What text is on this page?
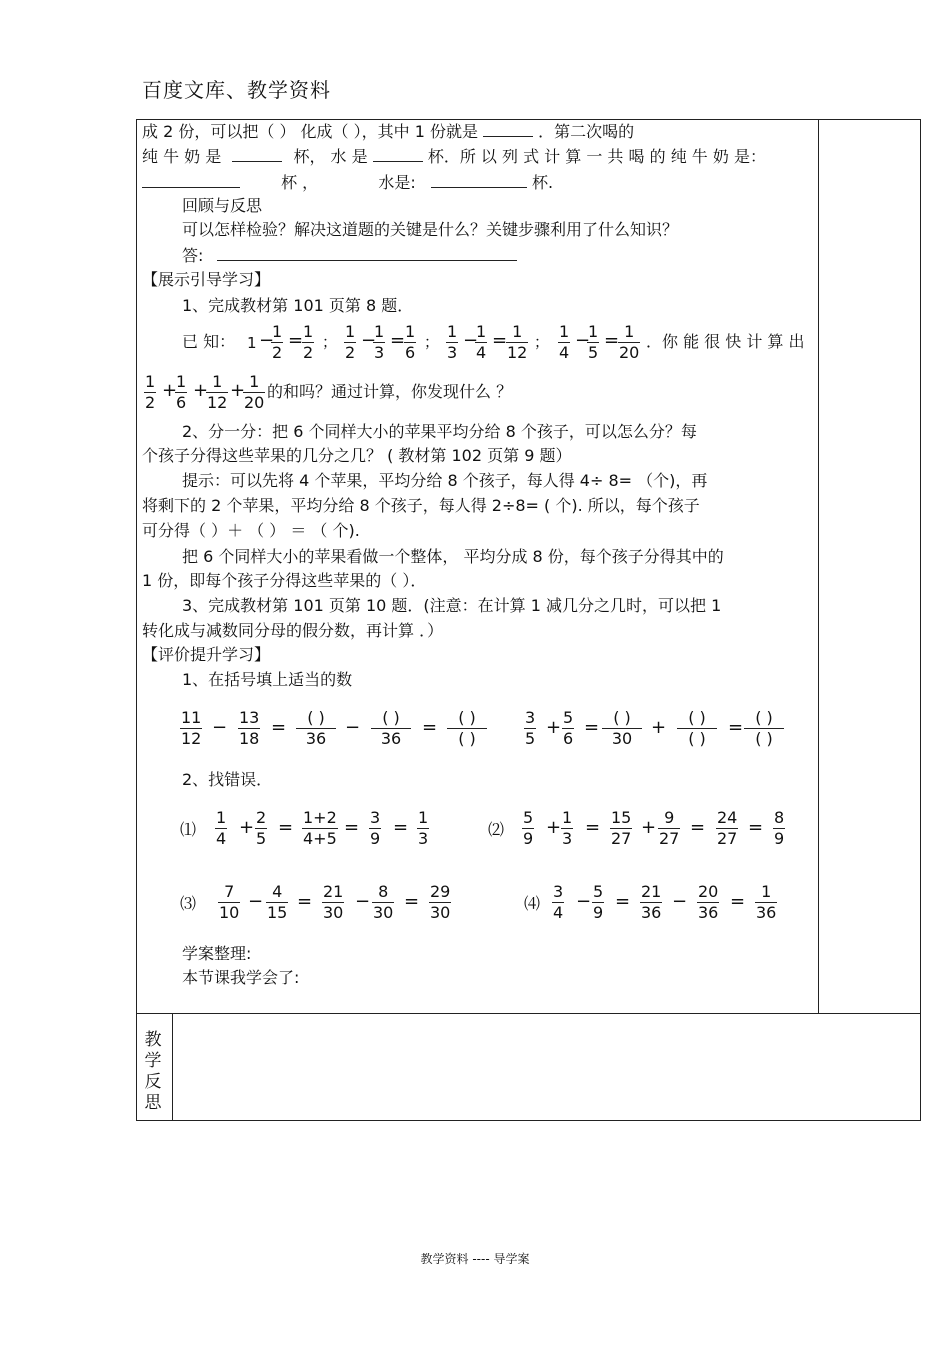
百度文库、教学资料
教
学
反
思
成 2 份，可以把（ ） 化成（ ），其中 1 份就是	．第二次喝的
纯 牛 奶 是	杯， 水 是	杯．所 以 列 式 计 算 一 共 喝 的 纯 牛 奶 是：
杯 ，	水是:	杯.
回顾与反思
可以怎样检验？解决这道题的关键是什么？关键步骤利用了什么知识？
答:
【展示引导学习】
1、完成教材第 101 页第 8 题．
已 知： 1 −
$\frac{1}{2}$ =
$\frac{1}{2}$ ； $\frac{1}{2}$ −
$\frac{1}{3}$ =
$\frac{1}{6}$ ； $\frac{1}{3}$ −
$\frac{1}{4}$ =
$\frac{1}{12}$ ； $\frac{1}{4}$ −
$\frac{1}{5}$ =
$\frac{1}{20}$ ．你 能 很 快 计 算 出
$\frac{1}{2}$ +
$\frac{1}{6}$ +
$\frac{1}{12}$ +
$\frac{1}{20}$ 的和吗？通过计算，你发现什么 ？
2、分一分：把 6 个同样大小的苹果平均分给 8 个孩子，可以怎么分？每
个孩子分得这些苹果的几分之几？ ( 教材第 102 页第 9 题）
提示：可以先将 4 个苹果，平均分给 8 个孩子，每人得 4÷ 8= （个)，再
将剩下的 2 个苹果，平均分给 8 个孩子，每人得 2÷8= ( 个). 所以，每个孩子
可分得（ ）＋ （ ） ＝ （ 个).
把 6 个同样大小的苹果看做一个整体， 平均分成 8 份，每个孩子分得其中的
1 份，即每个孩子分得这些苹果的（ ）．
3、完成教材第 101 页第 10 题．(注意：在计算 1 减几分之几时，可以把 1
转化成与减数同分母的假分数，再计算 ．）
【评价提升学习】
1、在括号填上适当的数
$\frac{11}{12} - \frac{13}{18}$ =	( )
36
−	( )
36
=	( )
( )	$\frac{3}{5} + \frac{5}{6}$ = ( )
30
+	( )
( )
= ( )
( )
2、找错误．
⑴ $\frac{1}{4} + \frac{2}{5} = \frac{1+2}{4+5} = \frac{3}{9} = \frac{1}{3}$	⑵ $\frac{5}{9} + \frac{1}{3} = \frac{15}{27} + \frac{9}{27} = \frac{24}{27} = \frac{8}{9}$
⑶ $\frac{7}{10} - \frac{4}{15} = \frac{21}{30} - \frac{8}{30} = \frac{29}{30}$	⑷ $\frac{3}{4} - \frac{5}{9} = \frac{21}{36} - \frac{20}{36} = \frac{1}{36}$
学案整理:
本节课我学会了:
教学资料 ---- 导学案
